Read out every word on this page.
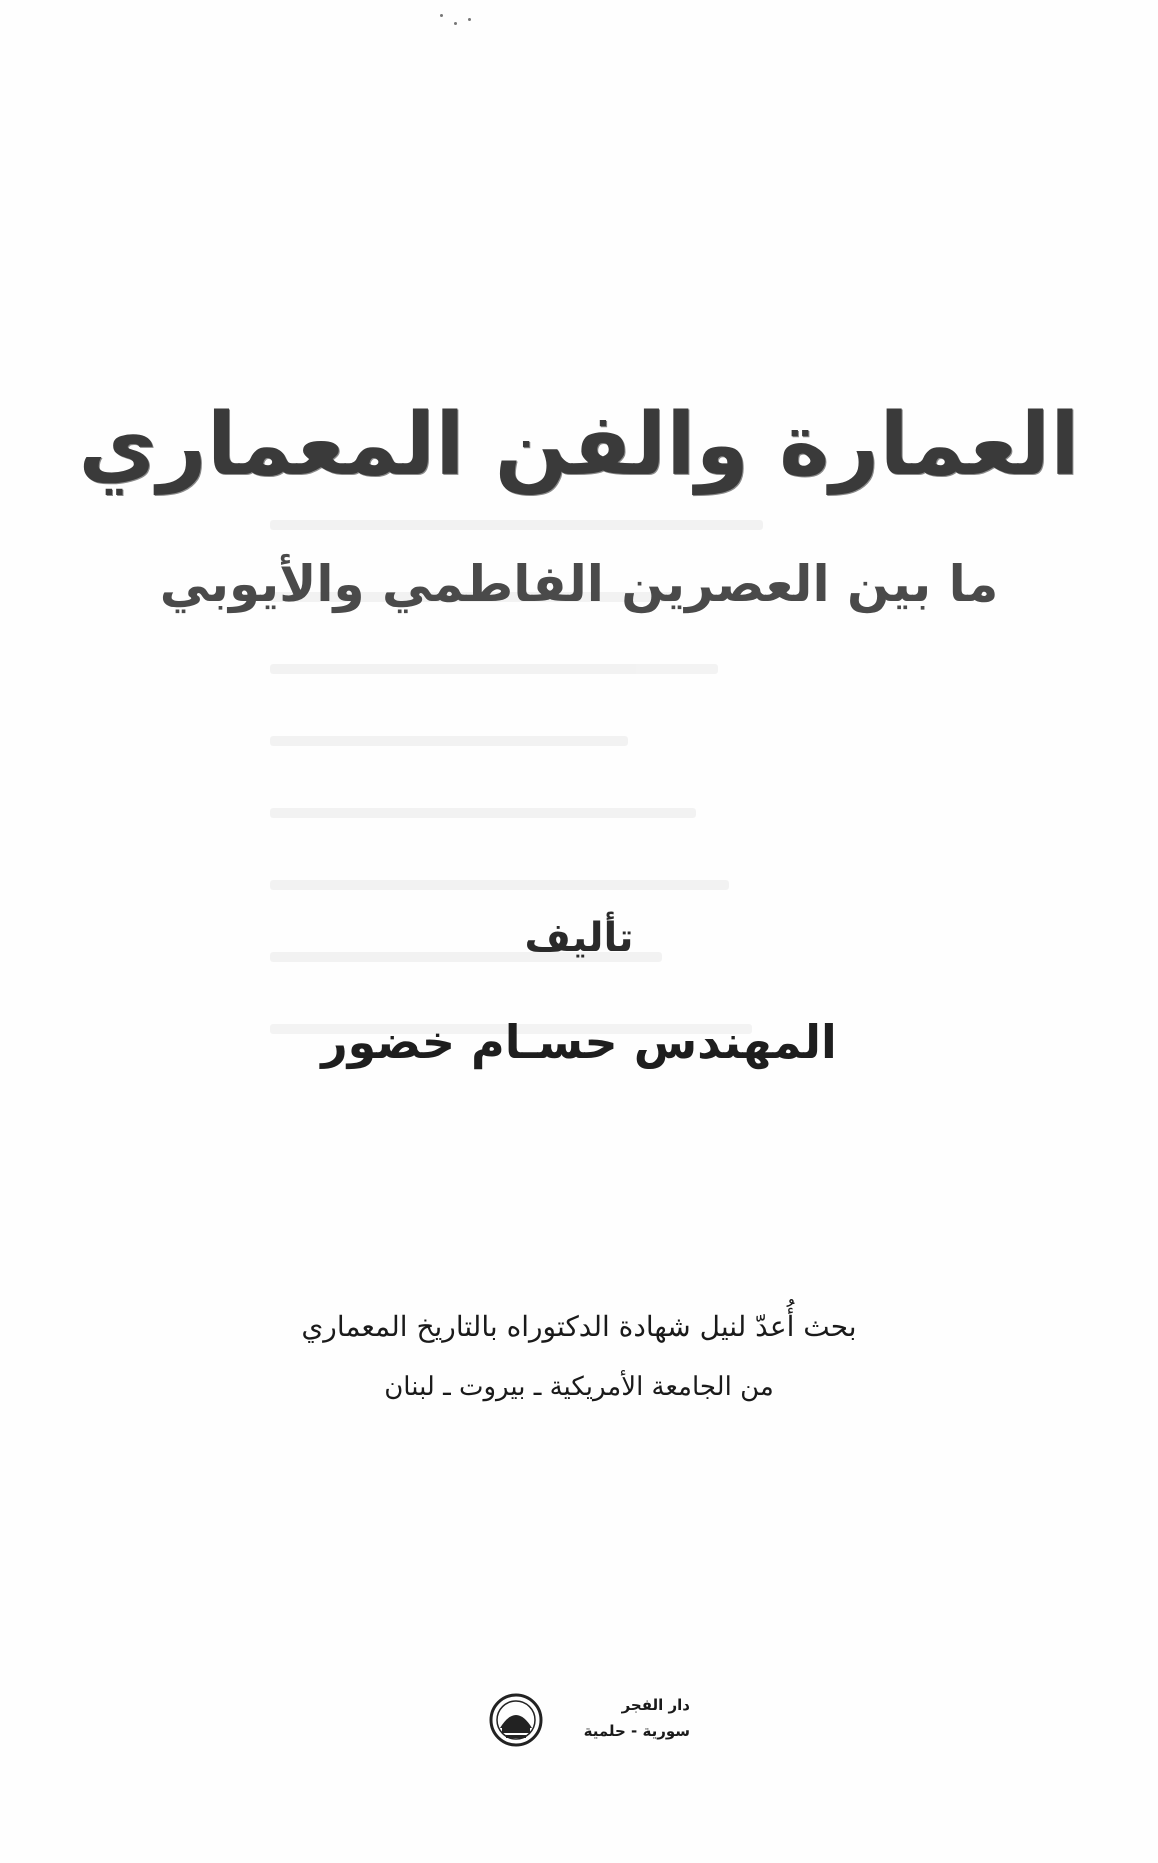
العمارة والفن المعماري
ما بين العصرين الفاطمي والأيوبي
تأليف
المهندس حسـام خضور
بحث أُعدّ لنيل شهادة الدكتوراه بالتاريخ المعماري
من الجامعة الأمريكية ـ بيروت ـ لبنان
دار الفجر
سورية - حلمية
